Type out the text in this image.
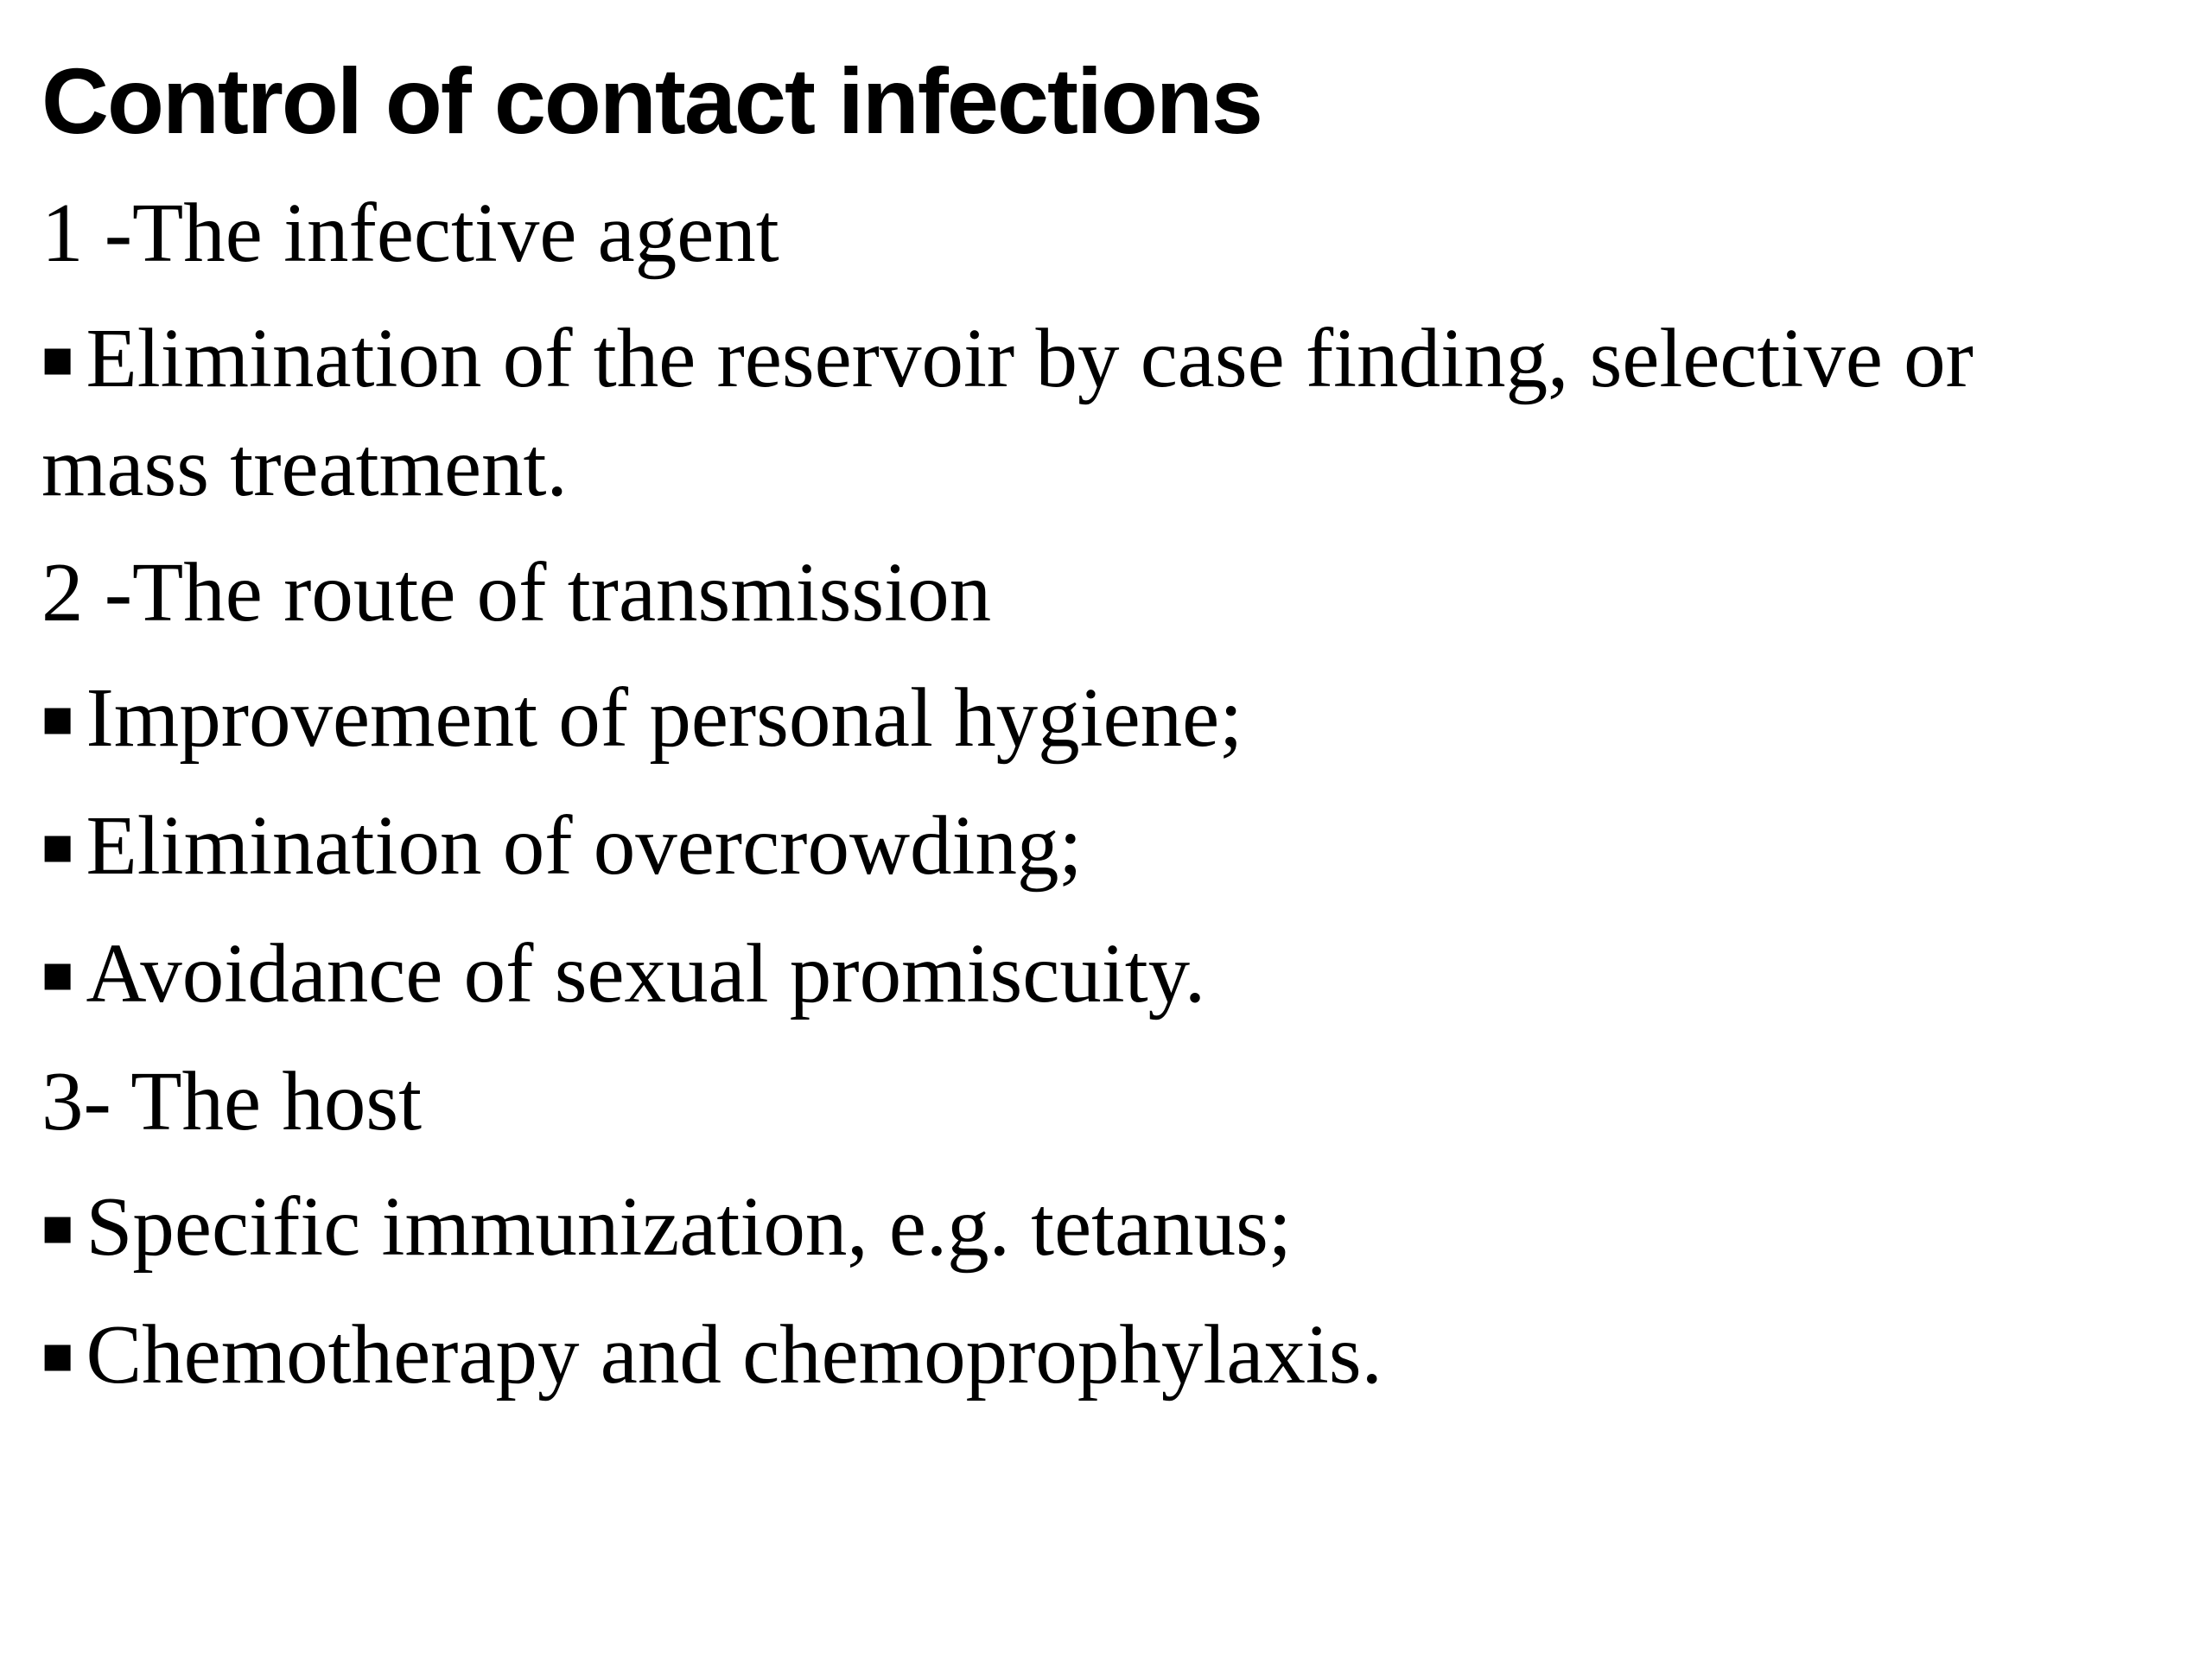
Control of contact infections
1 -The infective agent
■ Elimination of the reservoir by case finding, selective or mass treatment.
2 -The route of transmission
■ Improvement of personal hygiene;
■ Elimination of overcrowding;
■ Avoidance of sexual promiscuity.
3- The host
■ Specific immunization, e.g. tetanus;
■ Chemotherapy and chemoprophylaxis.
